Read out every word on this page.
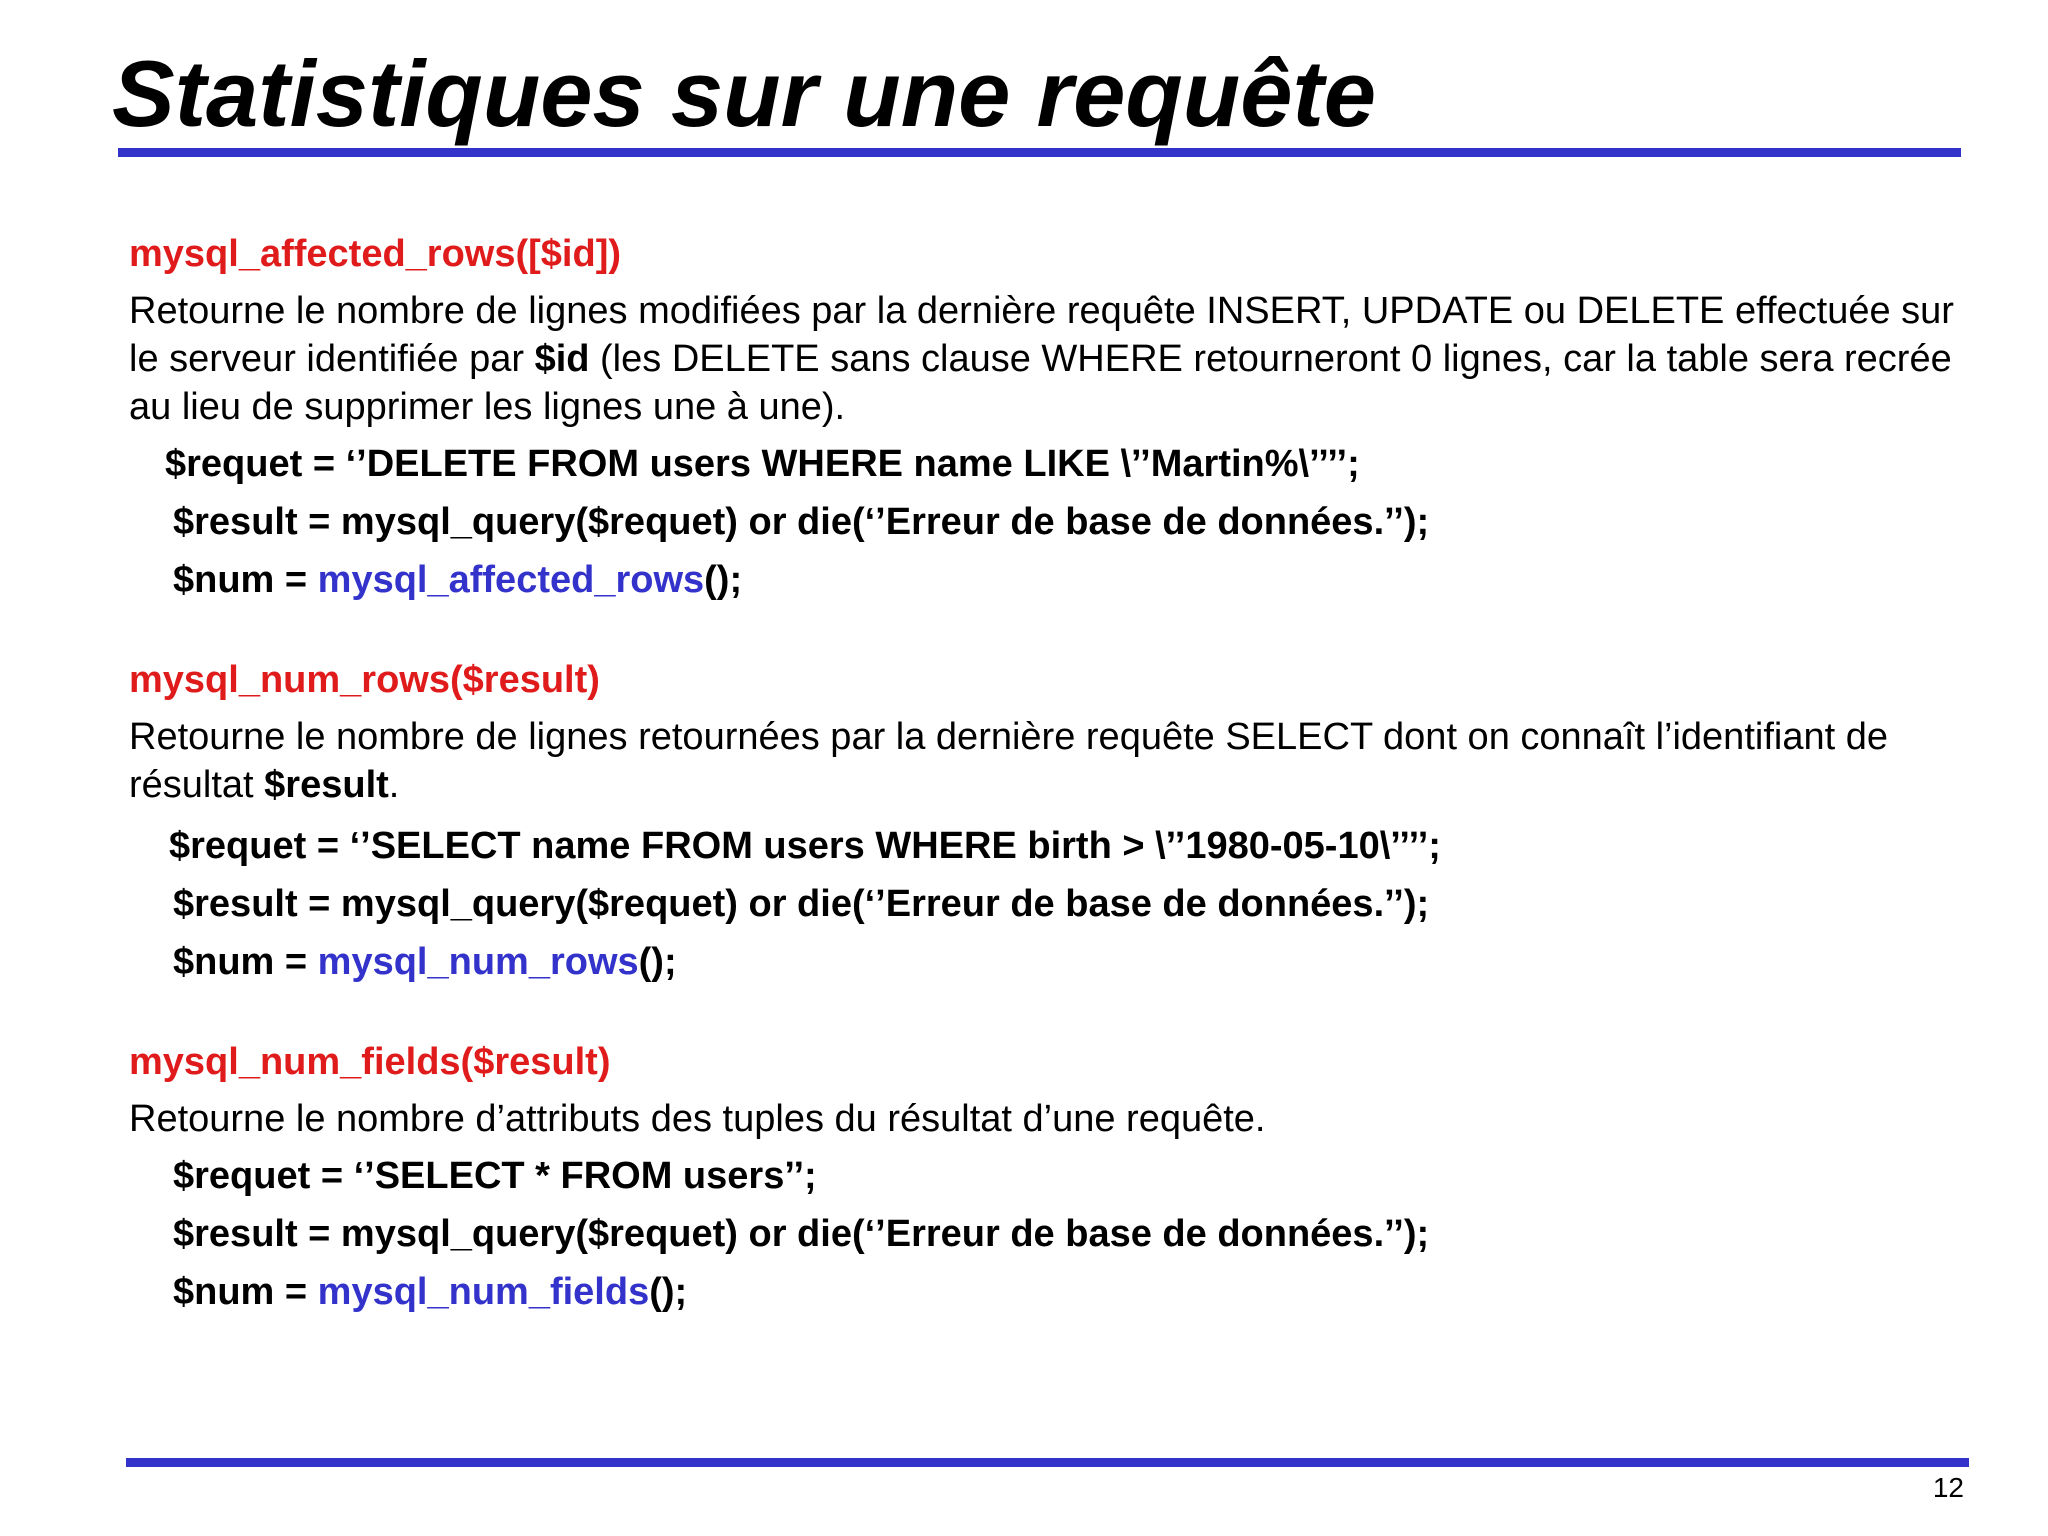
Statistiques sur une requête
mysql_affected_rows([$id])
Retourne le nombre de lignes modifiées par la dernière requête INSERT, UPDATE ou DELETE effectuée sur le serveur identifiée par $id (les DELETE sans clause WHERE retourneront 0 lignes, car la table sera recrée au lieu de supprimer les lignes une à une).
$requet = ‘’DELETE FROM users WHERE name LIKE \’’Martin%\’’’’;
$result = mysql_query($requet) or die(‘’Erreur de base de données.’’);
$num = mysql_affected_rows();
mysql_num_rows($result)
Retourne le nombre de lignes retournées par la dernière requête SELECT dont on connaît l’identifiant de résultat $result.
$requet = ‘’SELECT name FROM users WHERE birth > \’’1980-05-10\’’’’;
$result = mysql_query($requet) or die(‘’Erreur de base de données.’’);
$num = mysql_num_rows();
mysql_num_fields($result)
Retourne le nombre d’attributs des tuples du résultat d’une requête.
$requet = ‘’SELECT * FROM users’’;
$result = mysql_query($requet) or die(‘’Erreur de base de données.’’);
$num = mysql_num_fields();
12
